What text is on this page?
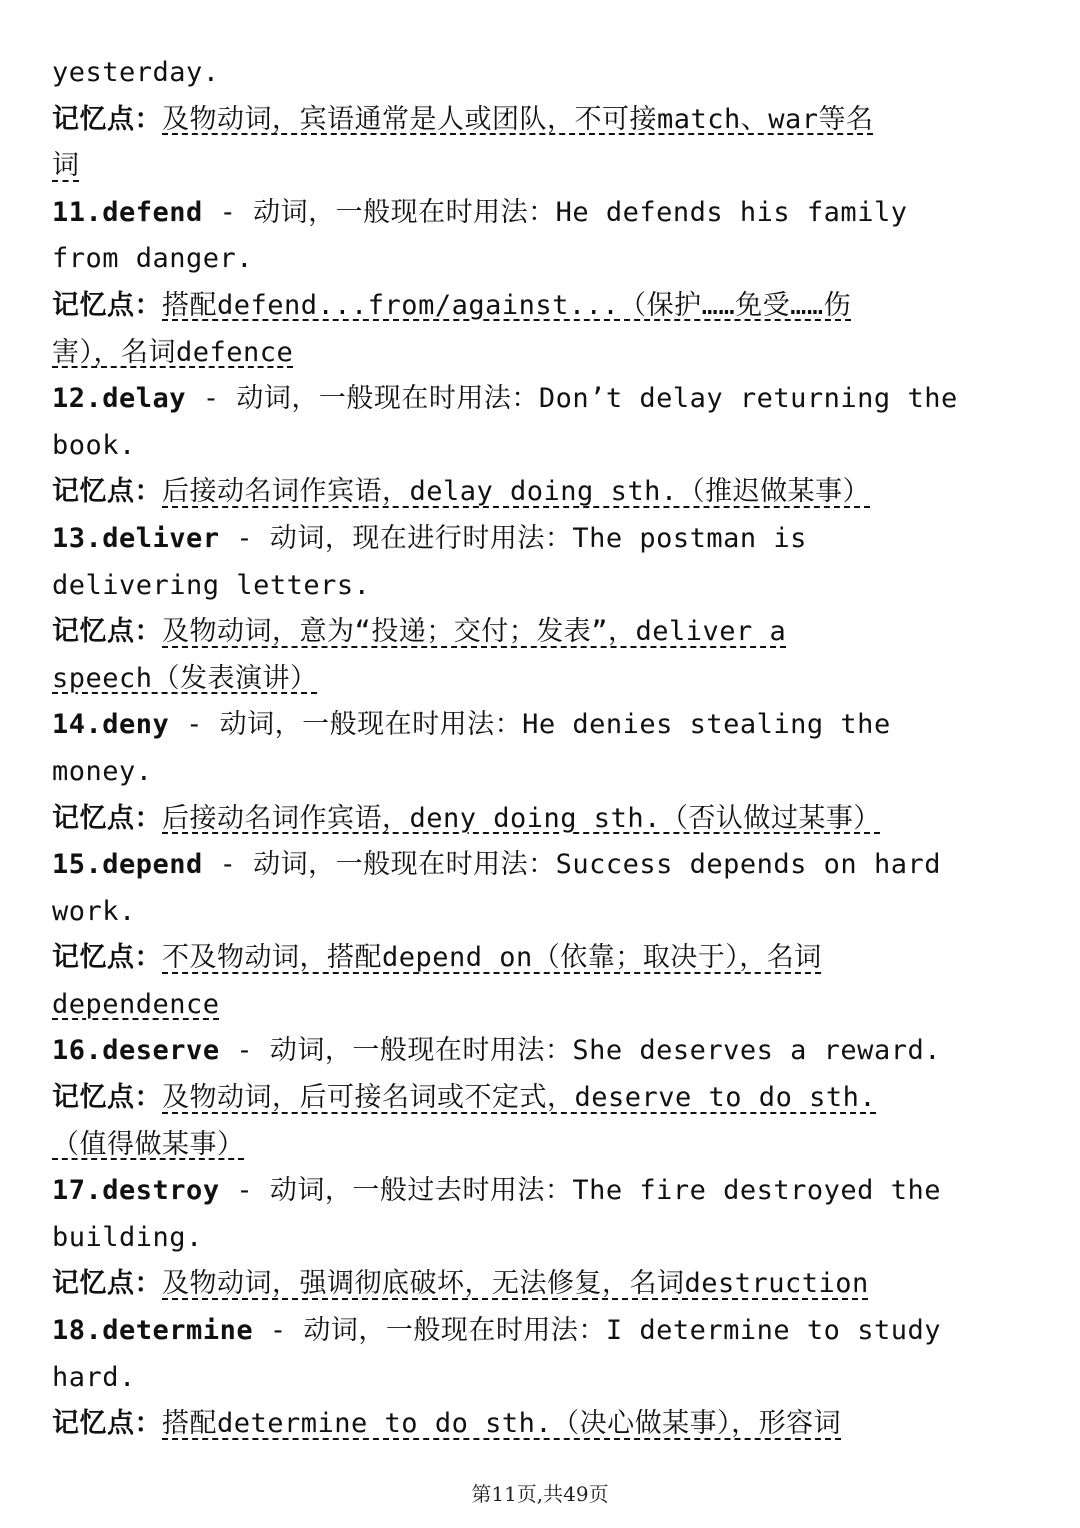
yesterday.
记忆点：及物动词，宾语通常是人或团队，不可接match、war等名
词
11.defend - 动词，一般现在时用法：He defends his family
from danger.
记忆点：搭配defend...from/against...（保护……免受……伤
害），名词defence
12.delay - 动词，一般现在时用法：Don’t delay returning the
book.
记忆点：后接动名词作宾语，delay doing sth.（推迟做某事）
13.deliver - 动词，现在进行时用法：The postman is
delivering letters.
记忆点：及物动词，意为“投递；交付；发表”，deliver a
speech（发表演讲）
14.deny - 动词，一般现在时用法：He denies stealing the
money.
记忆点：后接动名词作宾语，deny doing sth.（否认做过某事）
15.depend - 动词，一般现在时用法：Success depends on hard
work.
记忆点：不及物动词，搭配depend on（依靠；取决于），名词
dependence
16.deserve - 动词，一般现在时用法：She deserves a reward.
记忆点：及物动词，后可接名词或不定式，deserve to do sth.
（值得做某事）
17.destroy - 动词，一般过去时用法：The fire destroyed the
building.
记忆点：及物动词，强调彻底破坏，无法修复，名词destruction
18.determine - 动词，一般现在时用法：I determine to study
hard.
记忆点：搭配determine to do sth.（决心做某事），形容词
第11页,共49页
